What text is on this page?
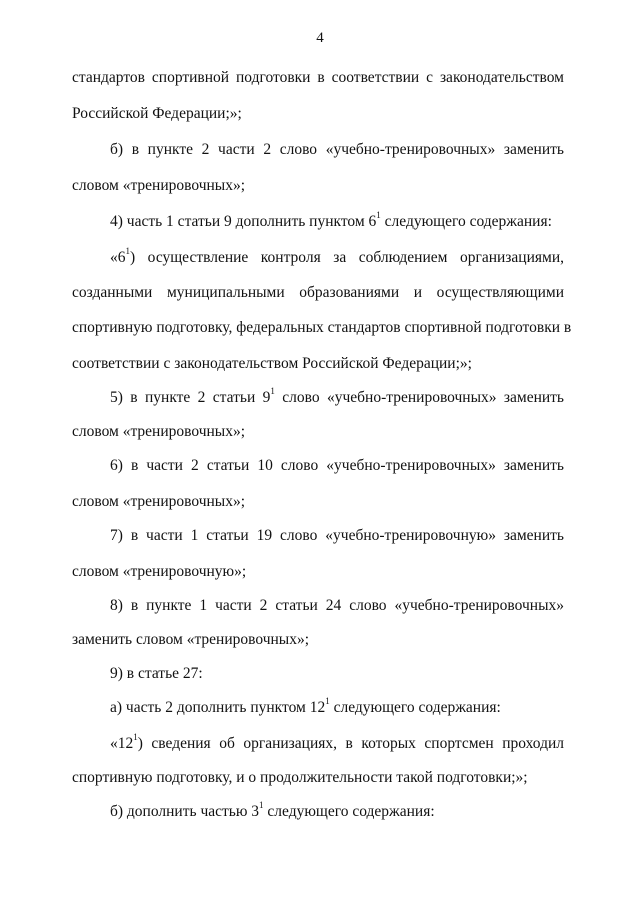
4
стандартов спортивной подготовки в соответствии с законодательством
Российской Федерации;»;
б) в пункте 2 части 2 слово «учебно-тренировочных» заменить
словом «тренировочных»;
4) часть 1 статьи 9 дополнить пунктом $6^1$ следующего содержания:
«$6^1$) осуществление контроля за соблюдением организациями,
созданными муниципальными образованиями и осуществляющими
спортивную подготовку, федеральных стандартов спортивной подготовки в
соответствии с законодательством Российской Федерации;»;
5) в пункте 2 статьи $9^1$ слово «учебно-тренировочных» заменить
словом «тренировочных»;
6) в части 2 статьи 10 слово «учебно-тренировочных» заменить
словом «тренировочных»;
7) в части 1 статьи 19 слово «учебно-тренировочную» заменить
словом «тренировочную»;
8) в пункте 1 части 2 статьи 24 слово «учебно-тренировочных»
заменить словом «тренировочных»;
9) в статье 27:
а) часть 2 дополнить пунктом $12^1$ следующего содержания:
«$12^1$) сведения об организациях, в которых спортсмен проходил
спортивную подготовку, и о продолжительности такой подготовки;»;
б) дополнить частью $3^1$ следующего содержания:
